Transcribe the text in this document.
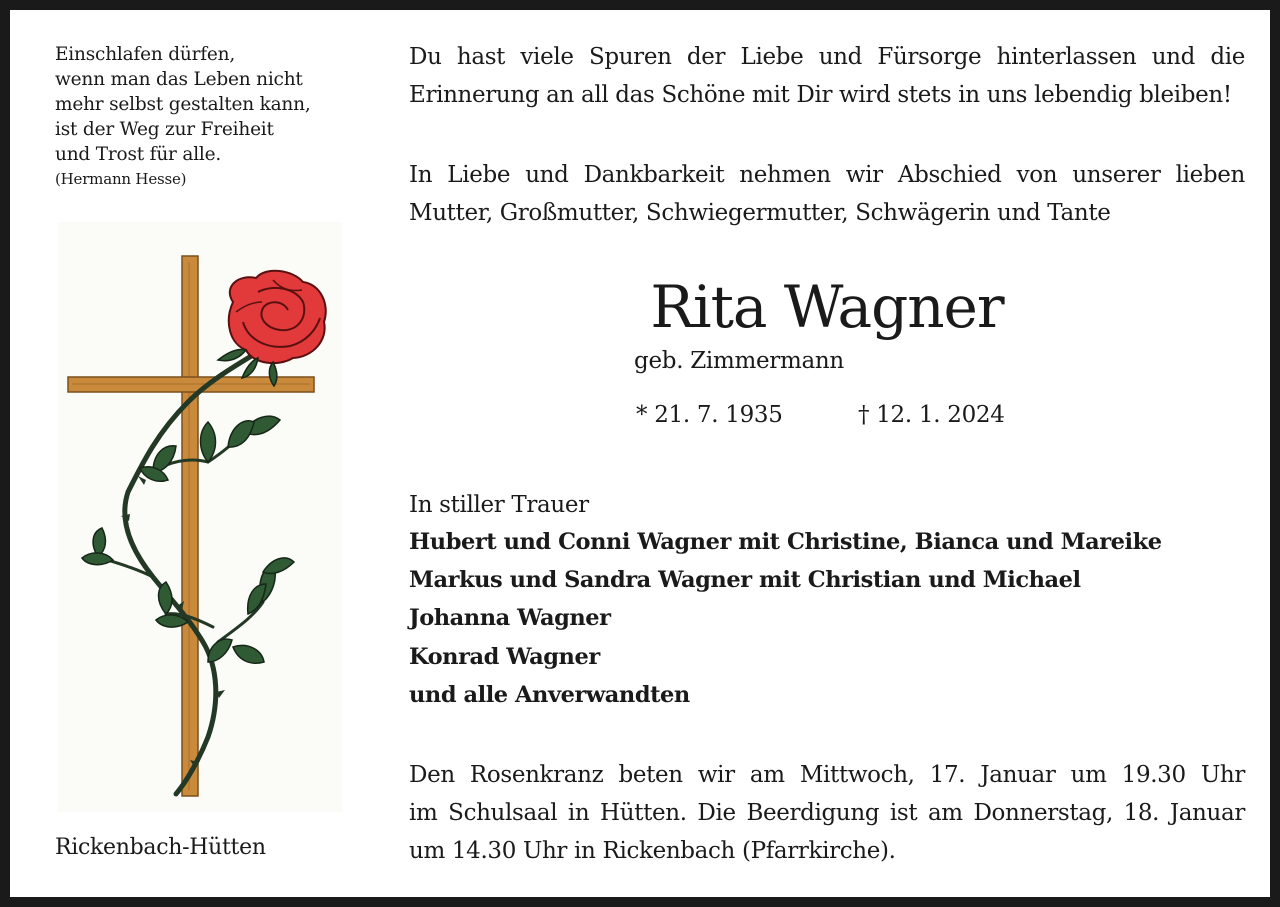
Einschlafen dürfen,
wenn man das Leben nicht
mehr selbst gestalten kann,
ist der Weg zur Freiheit
und Trost für alle.
(Hermann Hesse)
Rickenbach-Hütten
Du hast viele Spuren der Liebe und Fürsorge hinterlassen und die
Erinnerung an all das Schöne mit Dir wird stets in uns lebendig bleiben!
In Liebe und Dankbarkeit nehmen wir Abschied von unserer lieben
Mutter, Großmutter, Schwiegermutter, Schwägerin und Tante
Rita Wagner
geb. Zimmermann
* 21. 7. 1935	† 12. 1. 2024
In stiller Trauer
Hubert und Conni Wagner mit Christine, Bianca und Mareike
Markus und Sandra Wagner mit Christian und Michael
Johanna Wagner
Konrad Wagner
und alle Anverwandten
Den Rosenkranz beten wir am Mittwoch, 17. Januar um 19.30 Uhr
im Schulsaal in Hütten. Die Beerdigung ist am Donnerstag, 18. Januar
um 14.30 Uhr in Rickenbach (Pfarrkirche).
